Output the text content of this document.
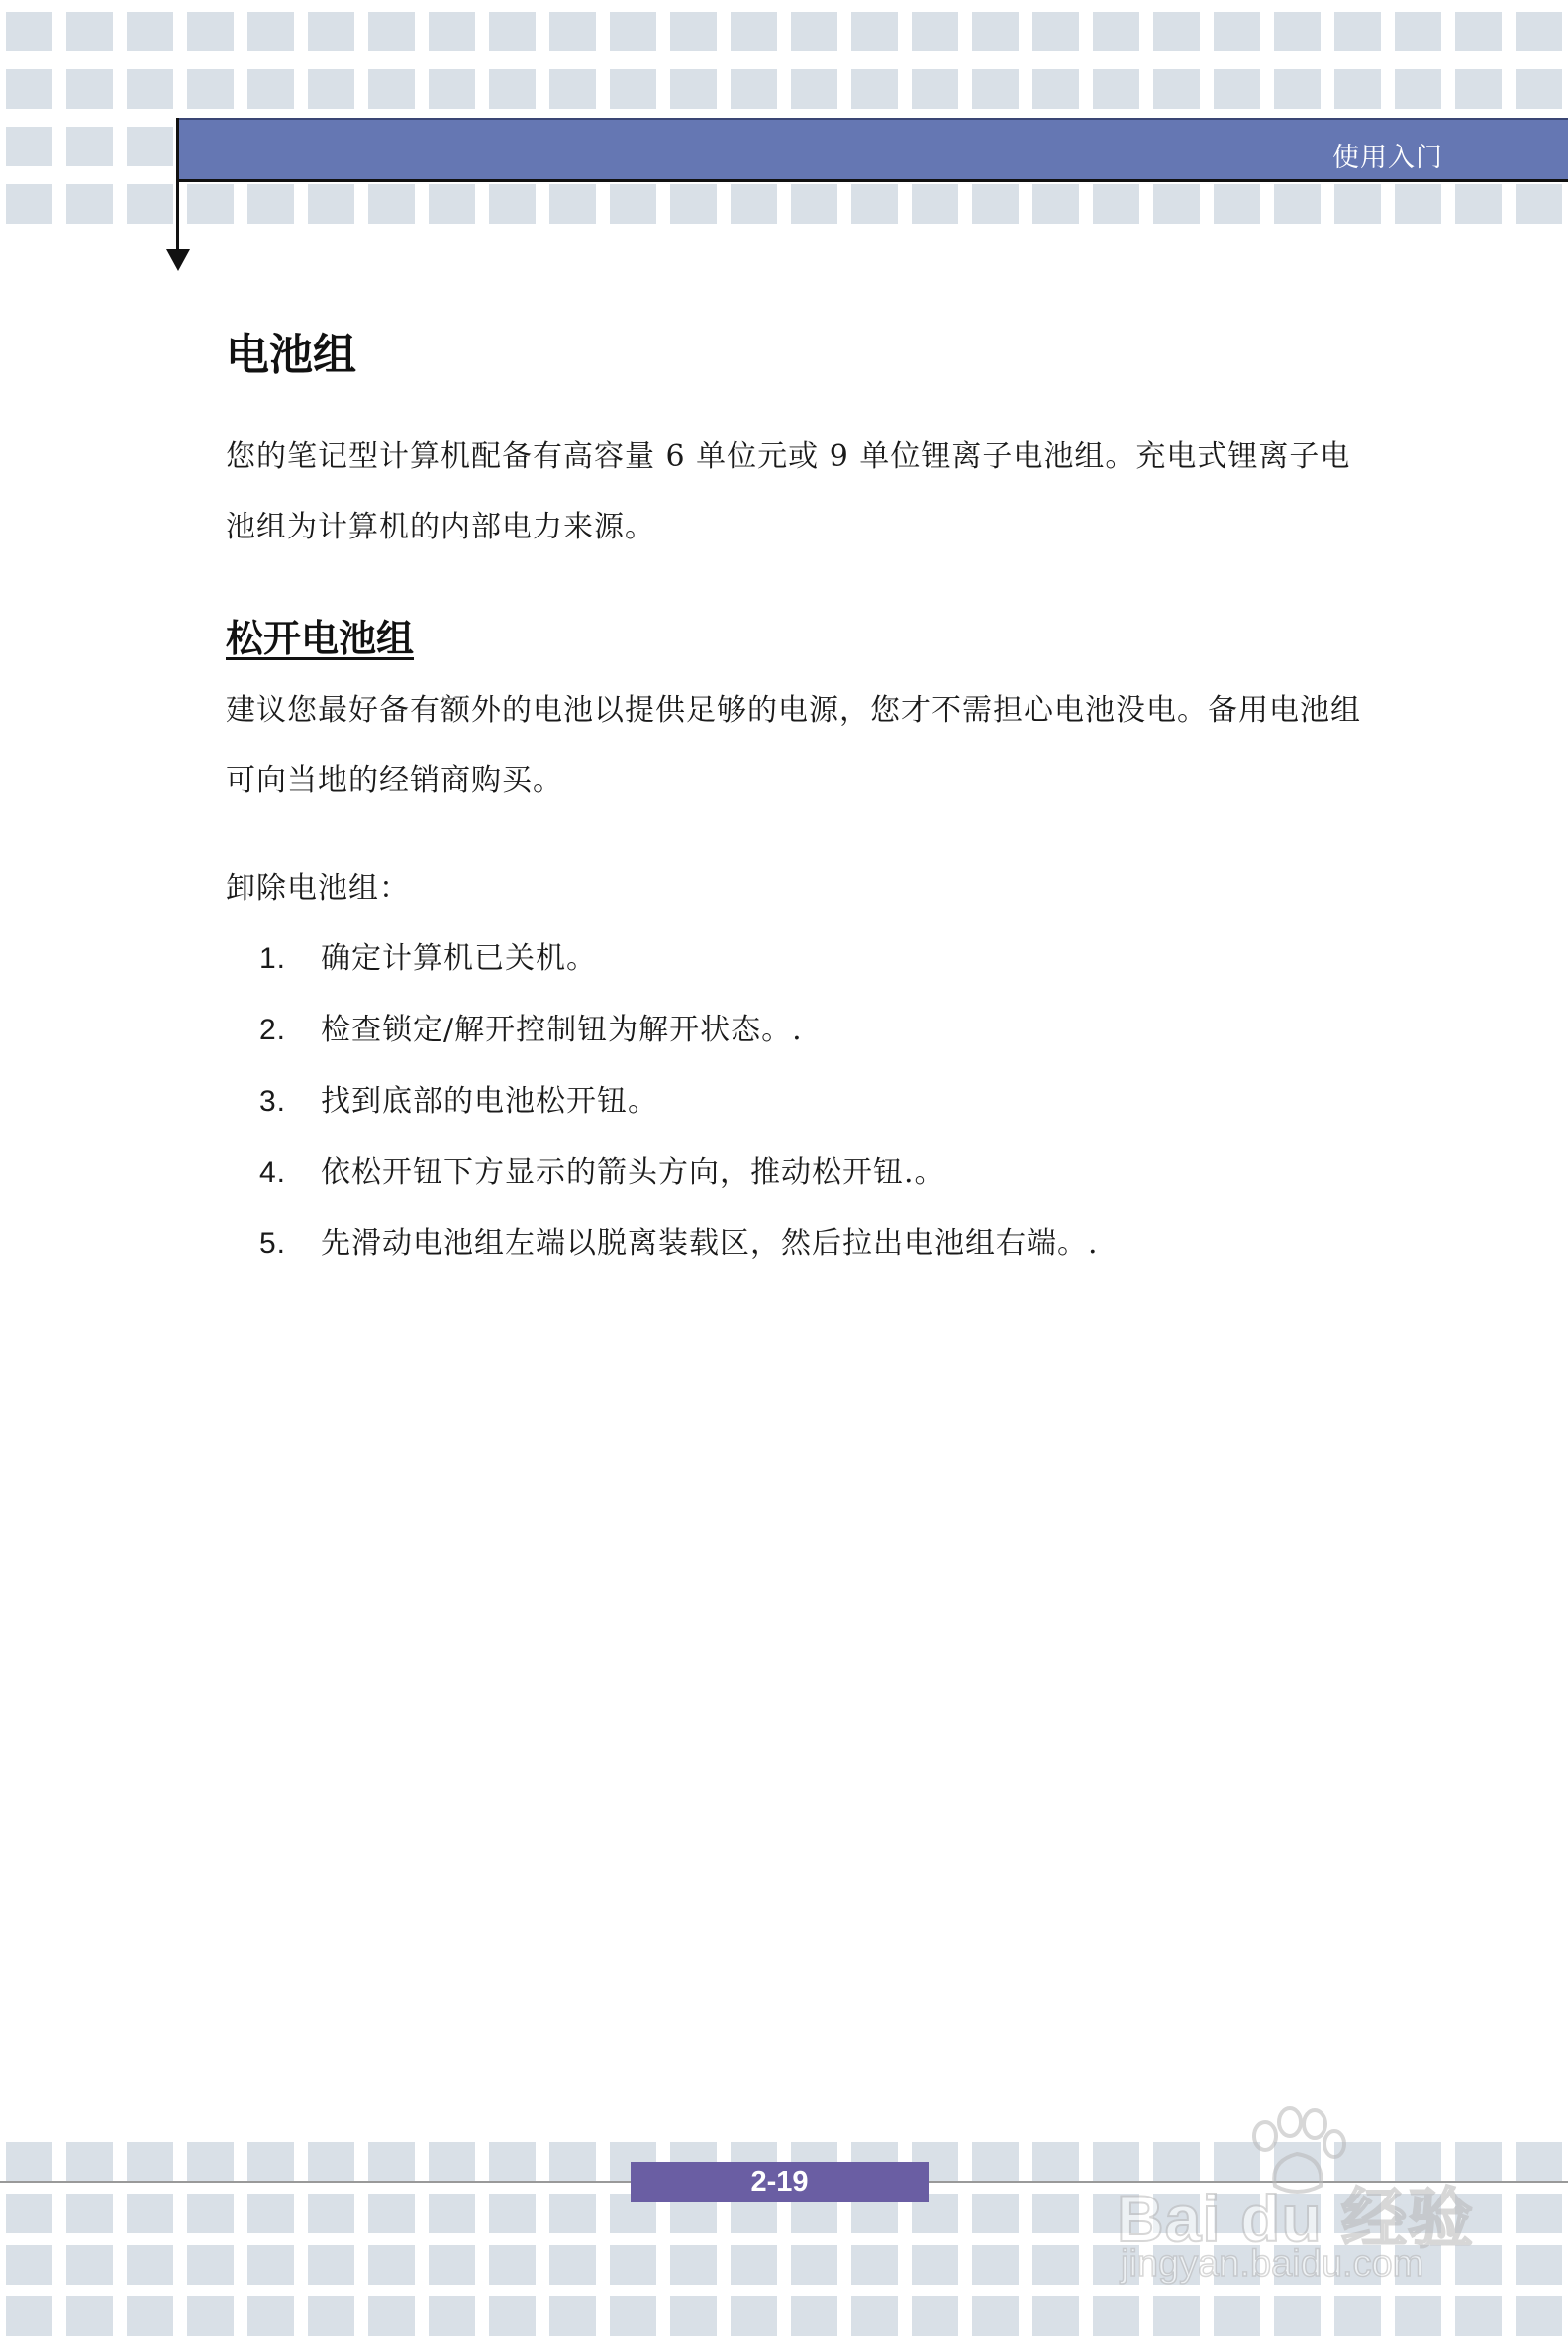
使用入门
电池组

您的笔记型计算机配备有高容量 6 单位元或 9 单位锂离子电池组。充电式锂离子电池组为计算机的内部电力来源。

松开电池组

建议您最好备有额外的电池以提供足够的电源，您才不需担心电池没电。备用电池组可向当地的经销商购买。

卸除电池组：

1.	确定计算机已关机。
2.	检查锁定/解开控制钮为解开状态。.
3.	找到底部的电池松开钮。
4.	依松开钮下方显示的箭头方向，推动松开钮.。
5.	先滑动电池组左端以脱离装载区，然后拉出电池组右端。.
2-19	Bai du 经验
jingyan.baidu.com
